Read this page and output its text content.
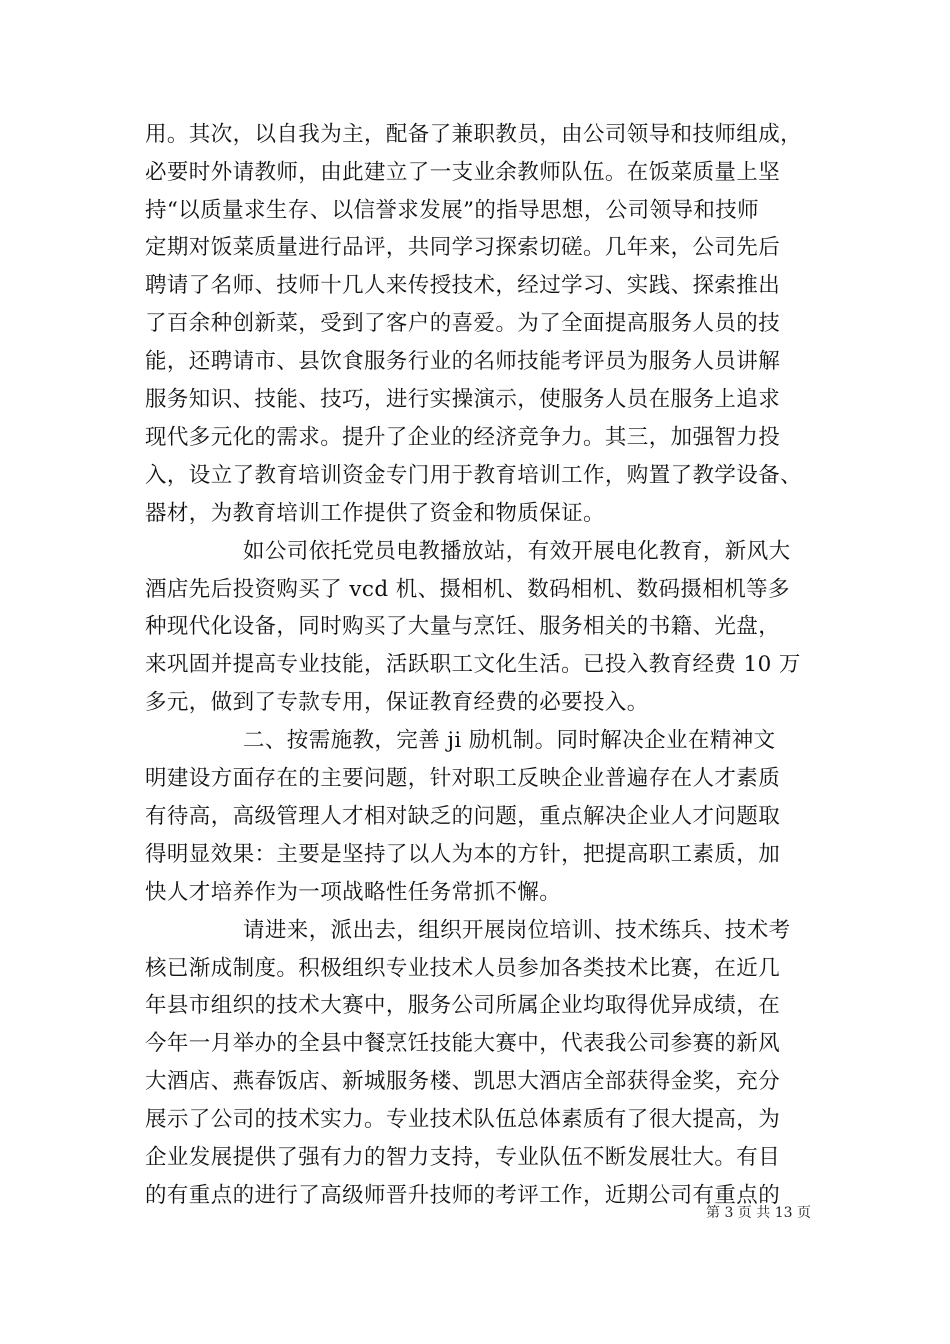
用。其次，以自我为主，配备了兼职教员，由公司领导和技师组成，
必要时外请教师，由此建立了一支业余教师队伍。在饭菜质量上坚
持“以质量求生存、以信誉求发展”的指导思想，公司领导和技师
定期对饭菜质量进行品评，共同学习探索切磋。几年来，公司先后
聘请了名师、技师十几人来传授技术，经过学习、实践、探索推出
了百余种创新菜，受到了客户的喜爱。为了全面提高服务人员的技
能，还聘请市、县饮食服务行业的名师技能考评员为服务人员讲解
服务知识、技能、技巧，进行实操演示，使服务人员在服务上追求
现代多元化的需求。提升了企业的经济竞争力。其三，加强智力投
入，设立了教育培训资金专门用于教育培训工作，购置了教学设备、
器材，为教育培训工作提供了资金和物质保证。
如公司依托党员电教播放站，有效开展电化教育，新风大
酒店先后投资购买了 vcd 机、摄相机、数码相机、数码摄相机等多
种现代化设备，同时购买了大量与烹饪、服务相关的书籍、光盘，
来巩固并提高专业技能，活跃职工文化生活。已投入教育经费 10 万
多元，做到了专款专用，保证教育经费的必要投入。
二、按需施教，完善 ji 励机制。同时解决企业在精神文
明建设方面存在的主要问题，针对职工反映企业普遍存在人才素质
有待高，高级管理人才相对缺乏的问题，重点解决企业人才问题取
得明显效果：主要是坚持了以人为本的方针，把提高职工素质，加
快人才培养作为一项战略性任务常抓不懈。
请进来，派出去，组织开展岗位培训、技术练兵、技术考
核已渐成制度。积极组织专业技术人员参加各类技术比赛，在近几
年县市组织的技术大赛中，服务公司所属企业均取得优异成绩，在
今年一月举办的全县中餐烹饪技能大赛中，代表我公司参赛的新风
大酒店、燕春饭店、新城服务楼、凯思大酒店全部获得金奖，充分
展示了公司的技术实力。专业技术队伍总体素质有了很大提高，为
企业发展提供了强有力的智力支持，专业队伍不断发展壮大。有目
的有重点的进行了高级师晋升技师的考评工作，近期公司有重点的
第 3 页 共 13 页
